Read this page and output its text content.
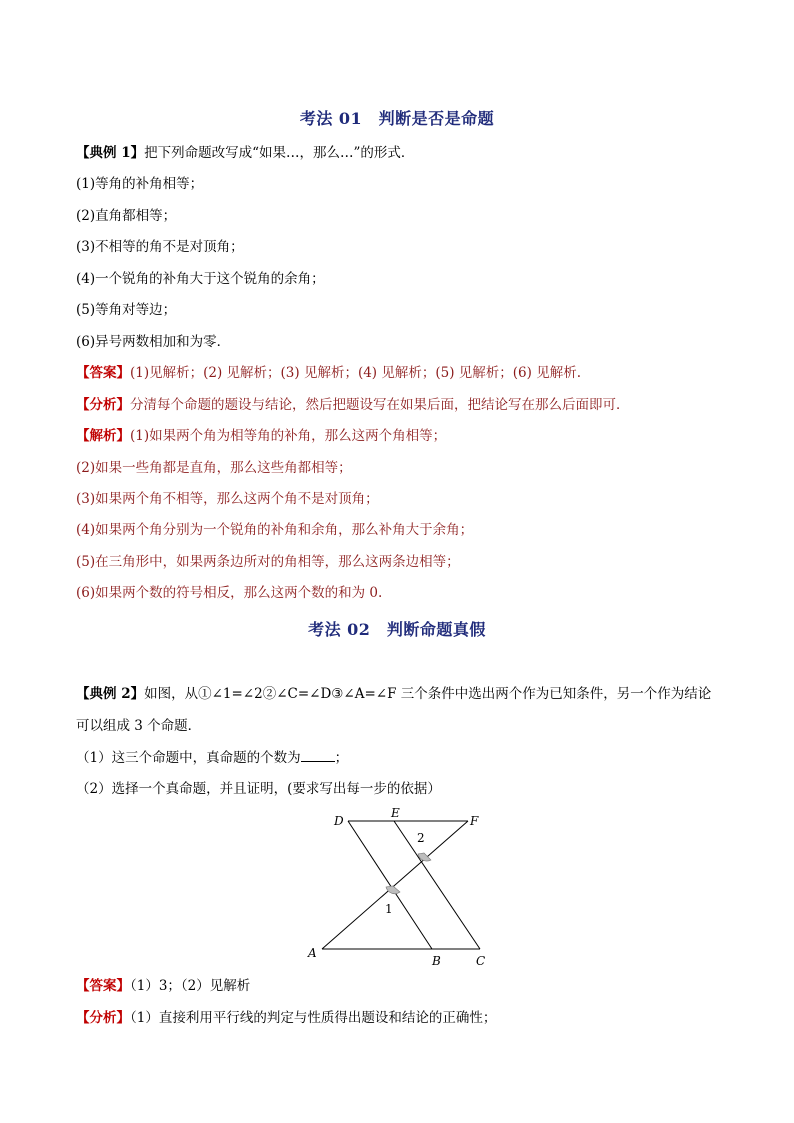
考法 01　判断是否是命题
【典例 1】把下列命题改写成“如果…，那么…”的形式．
(1)等角的补角相等；
(2)直角都相等；
(3)不相等的角不是对顶角；
(4)一个锐角的补角大于这个锐角的余角；
(5)等角对等边；
(6)异号两数相加和为零．
【答案】(1)见解析；(2) 见解析；(3) 见解析；(4) 见解析；(5) 见解析；(6) 见解析.
【分析】分清每个命题的题设与结论，然后把题设写在如果后面，把结论写在那么后面即可．
【解析】(1)如果两个角为相等角的补角，那么这两个角相等；
(2)如果一些角都是直角，那么这些角都相等；
(3)如果两个角不相等，那么这两个角不是对顶角；
(4)如果两个角分别为一个锐角的补角和余角，那么补角大于余角；
(5)在三角形中，如果两条边所对的角相等，那么这两条边相等；
(6)如果两个数的符号相反，那么这两个数的和为 0.
考法 02　判断命题真假
【典例 2】如图，从①∠1=∠2②∠C=∠D③∠A=∠F 三个条件中选出两个作为已知条件，另一个作为结论
可以组成 3 个命题．
（1）这三个命题中，真命题的个数为	；
（2）选择一个真命题，并且证明，(要求写出每一步的依据）
D
E
F
A
B	C
1
2
【答案】（1）3；（2）见解析
【分析】（1）直接利用平行线的判定与性质得出题设和结论的正确性；
